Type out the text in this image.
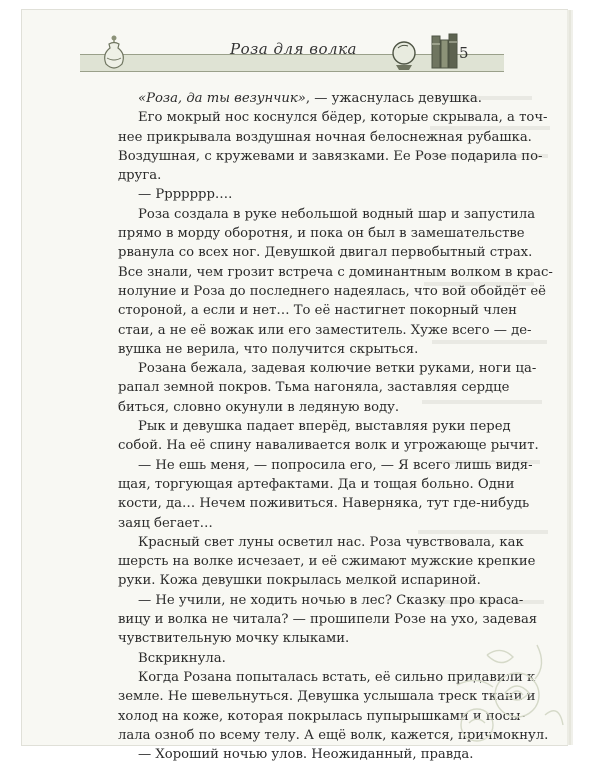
Роза для волка	5

«Роза, да ты везунчик», — ужаснулась девушка.

Его мокрый нос коснулся бёдер, которые скрывала, а точ-
нее прикрывала воздушная ночная белоснежная рубашка.
Воздушная, с кружевами и завязками. Ее Розе подарила по-
друга.

— Ррррррр….

Роза создала в руке небольшой водный шар и запустила
прямо в морду оборотня, и пока он был в замешательстве
рванула со всех ног. Девушкой двигал первобытный страх.
Все знали, чем грозит встреча с доминантным волком в крас-
нолуние и Роза до последнего надеялась, что вой обойдёт её
стороной, а если и нет… То её настигнет покорный член
стаи, а не её вожак или его заместитель. Хуже всего — де-
вушка не верила, что получится скрыться.

Розана бежала, задевая колючие ветки руками, ноги ца-
рапал земной покров. Тьма нагоняла, заставляя сердце
биться, словно окунули в ледяную воду.

Рык и девушка падает вперёд, выставляя руки перед
собой. На её спину наваливается волк и угрожающе рычит.

— Не ешь меня, — попросила его, — Я всего лишь видя-
щая, торгующая артефактами. Да и тощая больно. Одни
кости, да… Нечем поживиться. Наверняка, тут где-нибудь
заяц бегает…

Красный свет луны осветил нас. Роза чувствовала, как
шерсть на волке исчезает, и её сжимают мужские крепкие
руки. Кожа девушки покрылась мелкой испариной.

— Не учили, не ходить ночью в лес? Сказку про краса-
вицу и волка не читала? — прошипели Розе на ухо, задевая
чувствительную мочку клыками.

Вскрикнула.

Когда Розана попыталась встать, её сильно придавили к
земле. Не шевельнуться. Девушка услышала треск ткани и
холод на коже, которая покрылась пупырышками и посы-
лала озноб по всему телу. А ещё волк, кажется, причмокнул.

— Хороший ночью улов. Неожиданный, правда.
